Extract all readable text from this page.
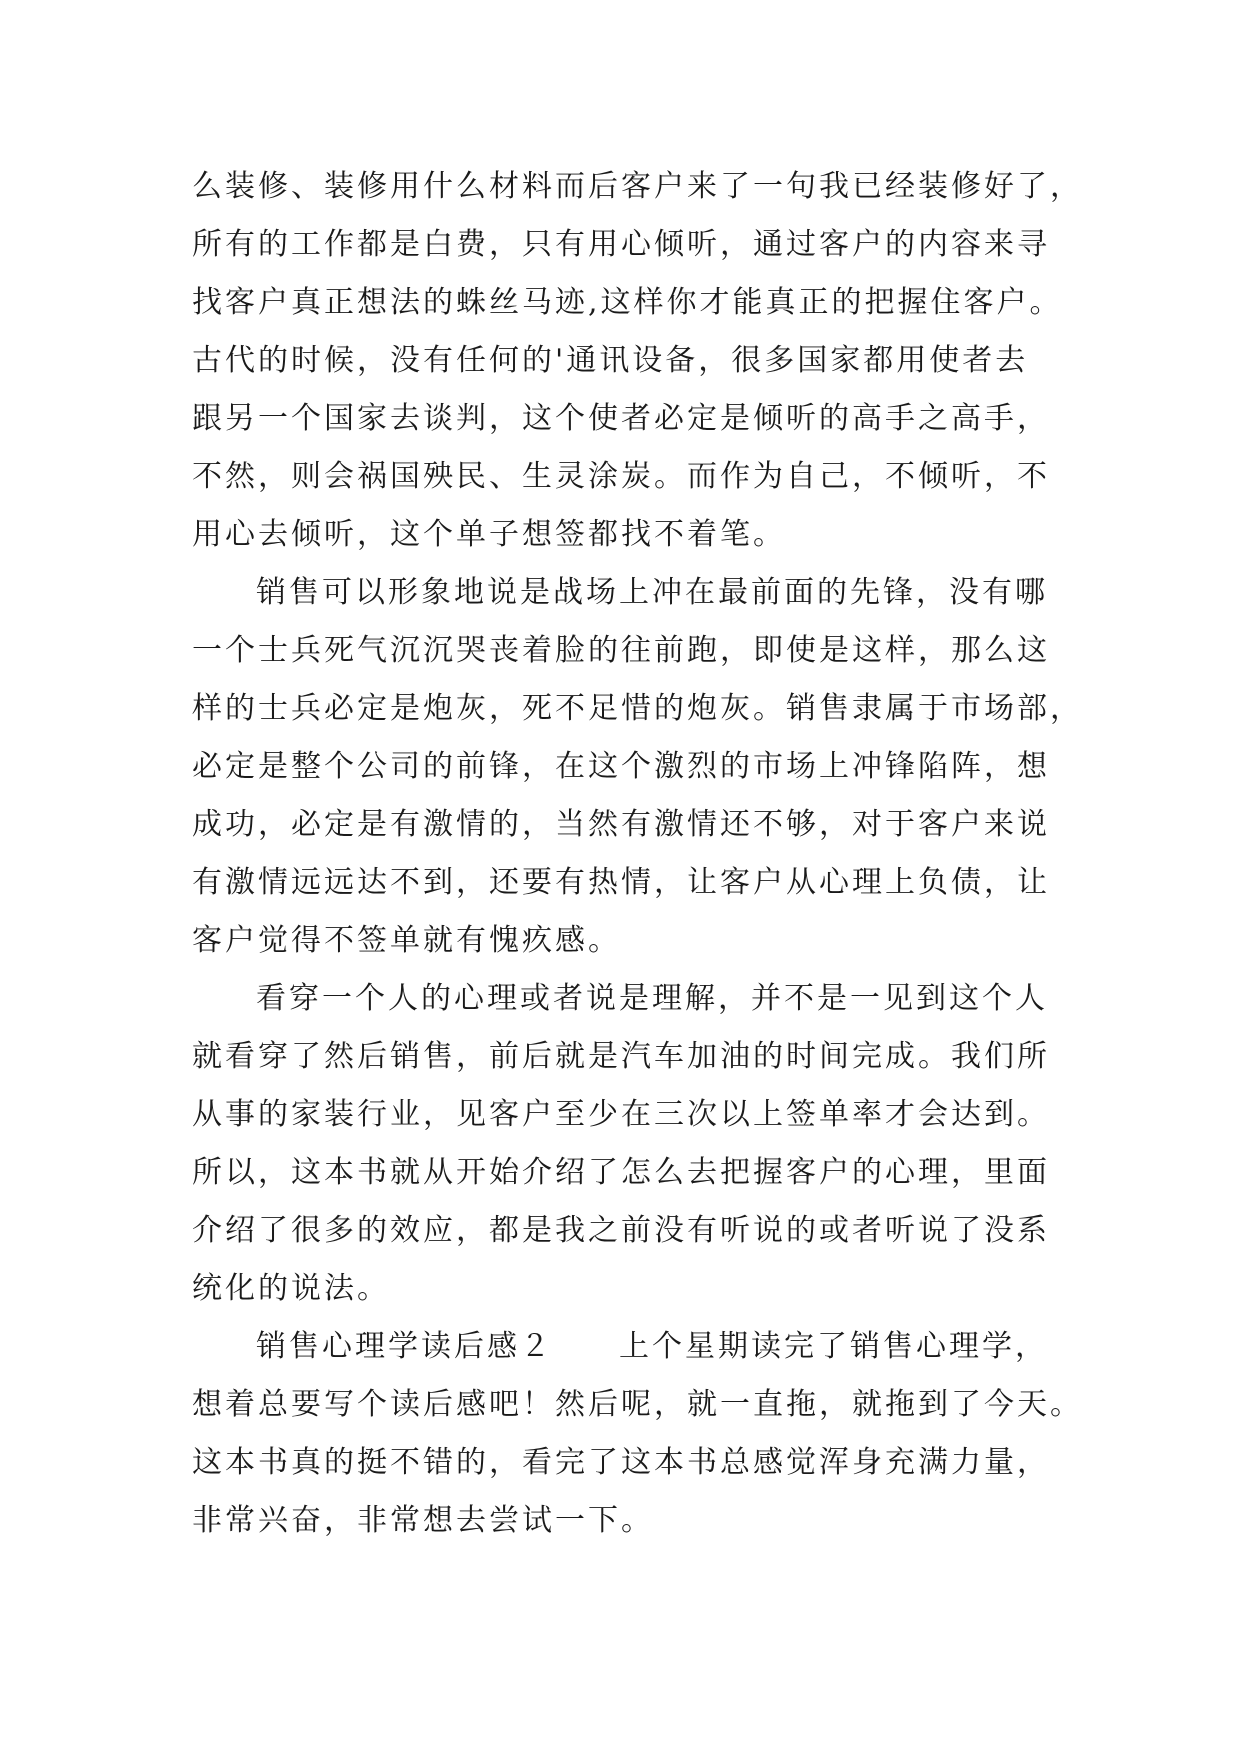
么装修、装修用什么材料而后客户来了一句我已经装修好了，
所有的工作都是白费，只有用心倾听，通过客户的内容来寻
找客户真正想法的蛛丝马迹,这样你才能真正的把握住客户。
古代的时候，没有任何的'通讯设备，很多国家都用使者去
跟另一个国家去谈判，这个使者必定是倾听的高手之高手，
不然，则会祸国殃民、生灵涂炭。而作为自己，不倾听，不
用心去倾听，这个单子想签都找不着笔。
销售可以形象地说是战场上冲在最前面的先锋，没有哪
一个士兵死气沉沉哭丧着脸的往前跑，即使是这样，那么这
样的士兵必定是炮灰，死不足惜的炮灰。销售隶属于市场部，
必定是整个公司的前锋，在这个激烈的市场上冲锋陷阵，想
成功，必定是有激情的，当然有激情还不够，对于客户来说
有激情远远达不到，还要有热情，让客户从心理上负债，让
客户觉得不签单就有愧疚感。
看穿一个人的心理或者说是理解，并不是一见到这个人
就看穿了然后销售，前后就是汽车加油的时间完成。我们所
从事的家装行业，见客户至少在三次以上签单率才会达到。
所以，这本书就从开始介绍了怎么去把握客户的心理，里面
介绍了很多的效应，都是我之前没有听说的或者听说了没系
统化的说法。
销售心理学读后感２　　上个星期读完了销售心理学，
想着总要写个读后感吧！然后呢，就一直拖，就拖到了今天。
这本书真的挺不错的，看完了这本书总感觉浑身充满力量，
非常兴奋，非常想去尝试一下。
